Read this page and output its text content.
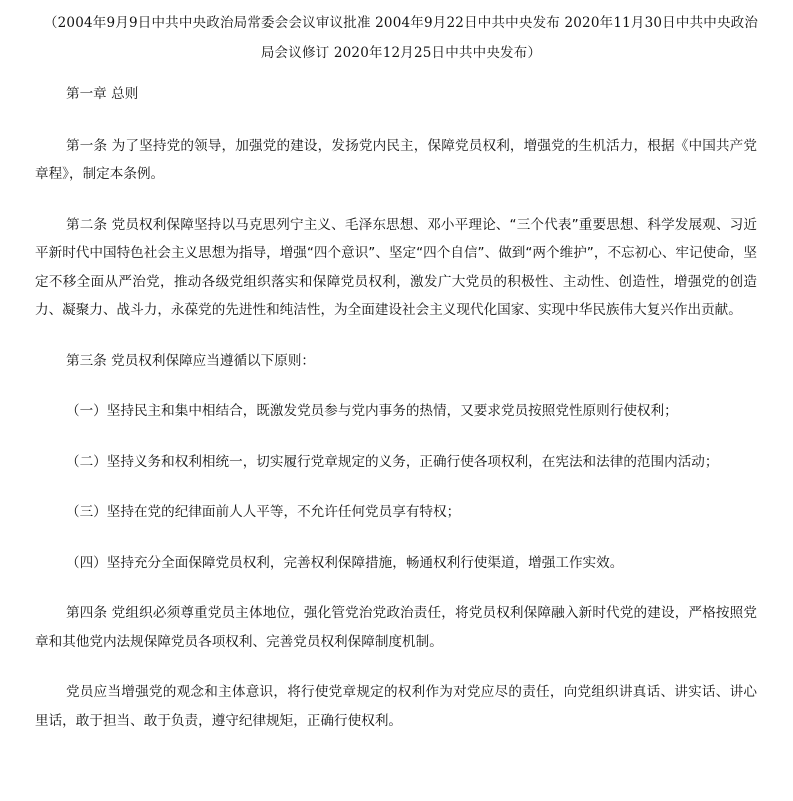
（2004年9月9日中共中央政治局常委会会议审议批准 2004年9月22日中共中央发布 2020年11月30日中共中央政治
局会议修订 2020年12月25日中共中央发布）

第一章 总则

第一条 为了坚持党的领导，加强党的建设，发扬党内民主，保障党员权利，增强党的生机活力，根据《中国共产党章程》，制定本条例。

第二条 党员权利保障坚持以马克思列宁主义、毛泽东思想、邓小平理论、“三个代表”重要思想、科学发展观、习近平新时代中国特色社会主义思想为指导，增强“四个意识”、坚定“四个自信”、做到“两个维护”，不忘初心、牢记使命，坚定不移全面从严治党，推动各级党组织落实和保障党员权利，激发广大党员的积极性、主动性、创造性，增强党的创造力、凝聚力、战斗力，永葆党的先进性和纯洁性，为全面建设社会主义现代化国家、实现中华民族伟大复兴作出贡献。

第三条 党员权利保障应当遵循以下原则：

（一）坚持民主和集中相结合，既激发党员参与党内事务的热情，又要求党员按照党性原则行使权利；

（二）坚持义务和权利相统一，切实履行党章规定的义务，正确行使各项权利，在宪法和法律的范围内活动；

（三）坚持在党的纪律面前人人平等，不允许任何党员享有特权；

（四）坚持充分全面保障党员权利，完善权利保障措施，畅通权利行使渠道，增强工作实效。

第四条 党组织必须尊重党员主体地位，强化管党治党政治责任，将党员权利保障融入新时代党的建设，严格按照党章和其他党内法规保障党员各项权利、完善党员权利保障制度机制。

党员应当增强党的观念和主体意识，将行使党章规定的权利作为对党应尽的责任，向党组织讲真话、讲实话、讲心里话，敢于担当、敢于负责，遵守纪律规矩，正确行使权利。
